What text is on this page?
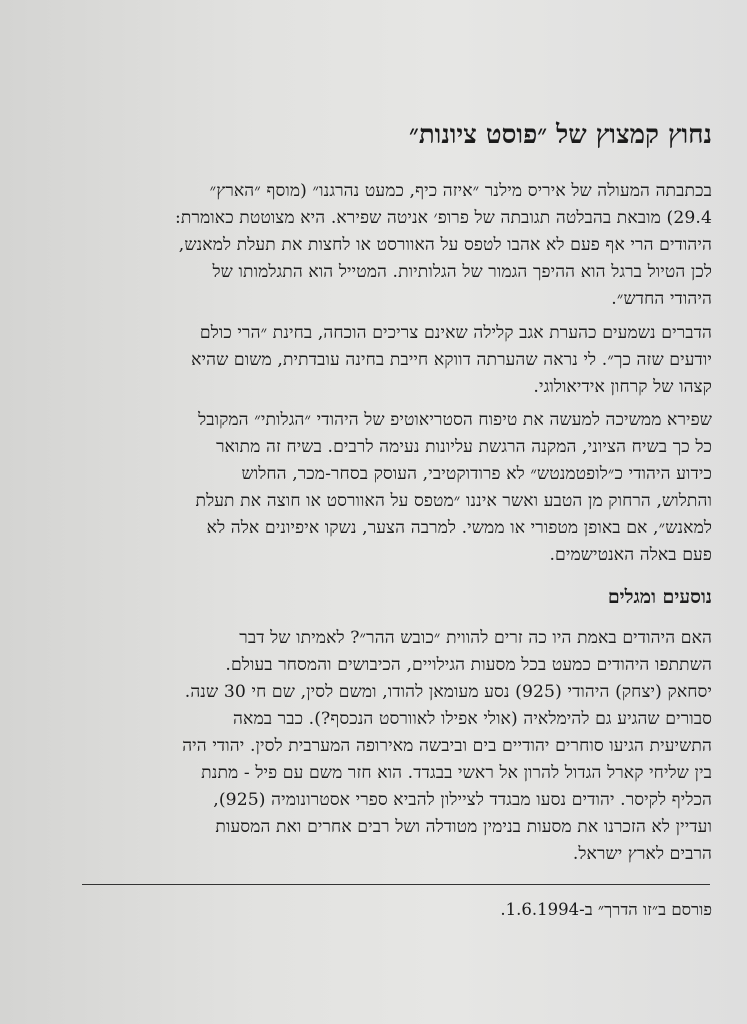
נחוץ קמצוץ של ״פוסט ציונות״

בכתבתה המעולה של איריס מילנר ״איזה כיף, כמעט נהרגנו״ (מוסף ״הארץ״
29.4) מובאת בהבלטה תגובתה של פרופ׳ אניטה שפירא. היא מצוטטת כאומרת:
היהודים הרי אף פעם לא אהבו לטפס על האוורסט או לחצות את תעלת למאנש,
לכן הטיול ברגל הוא ההיפך הגמור של הגלותיות. המטייל הוא התגלמותו של
היהודי החדש״.

הדברים נשמעים כהערת אגב קלילה שאינם צריכים הוכחה, בחינת ״הרי כולם
יודעים שזה כך״. לי נראה שהערתה דווקא חייבת בחינה עובדתית, משום שהיא
קצהו של קרחון אידיאולוגי.

שפירא ממשיכה למעשה את טיפוח הסטריאוטיפ של היהודי ״הגלותי״ המקובל
כל כך בשיח הציוני, המקנה הרגשת עליונות נעימה לרבים. בשיח זה מתואר
כידוע היהודי כ״לופטמנטש״ לא פרודוקטיבי, העוסק בסחר-מכר, החלוש
והתלוש, הרחוק מן הטבע ואשר איננו ״מטפס על האוורסט או חוצה את תעלת
למאנש״, אם באופן מטפורי או ממשי. למרבה הצער, נשקו איפיונים אלה לא
פעם באלה האנטישמים.

נוסעים ומגלים

האם היהודים באמת היו כה זרים להווית ״כובש ההר״? לאמיתו של דבר
השתתפו היהודים כמעט בכל מסעות הגילויים, הכיבושים והמסחר בעולם.
יסחאק (יצחק) היהודי (925) נסע מעומאן להודו, ומשם לסין, שם חי 30 שנה.
סבורים שהגיע גם להימלאיה (אולי אפילו לאוורסט הנכסף?). כבר במאה
התשיעית הגיעו סוחרים יהודיים בים וביבשה מאירופה המערבית לסין. יהודי היה
בין שליחי קארל הגדול להרון אל ראשי בבגדד. הוא חזר משם עם פיל - מתנת
הכליף לקיסר. יהודים נסעו מבגדד לציילון להביא ספרי אסטרונומיה (925),
ועדיין לא הזכרנו את מסעות בנימין מטודלה ושל רבים אחרים ואת המסעות
הרבים לארץ ישראל.

פורסם ב״זו הדרך״ ב-1.6.1994.
